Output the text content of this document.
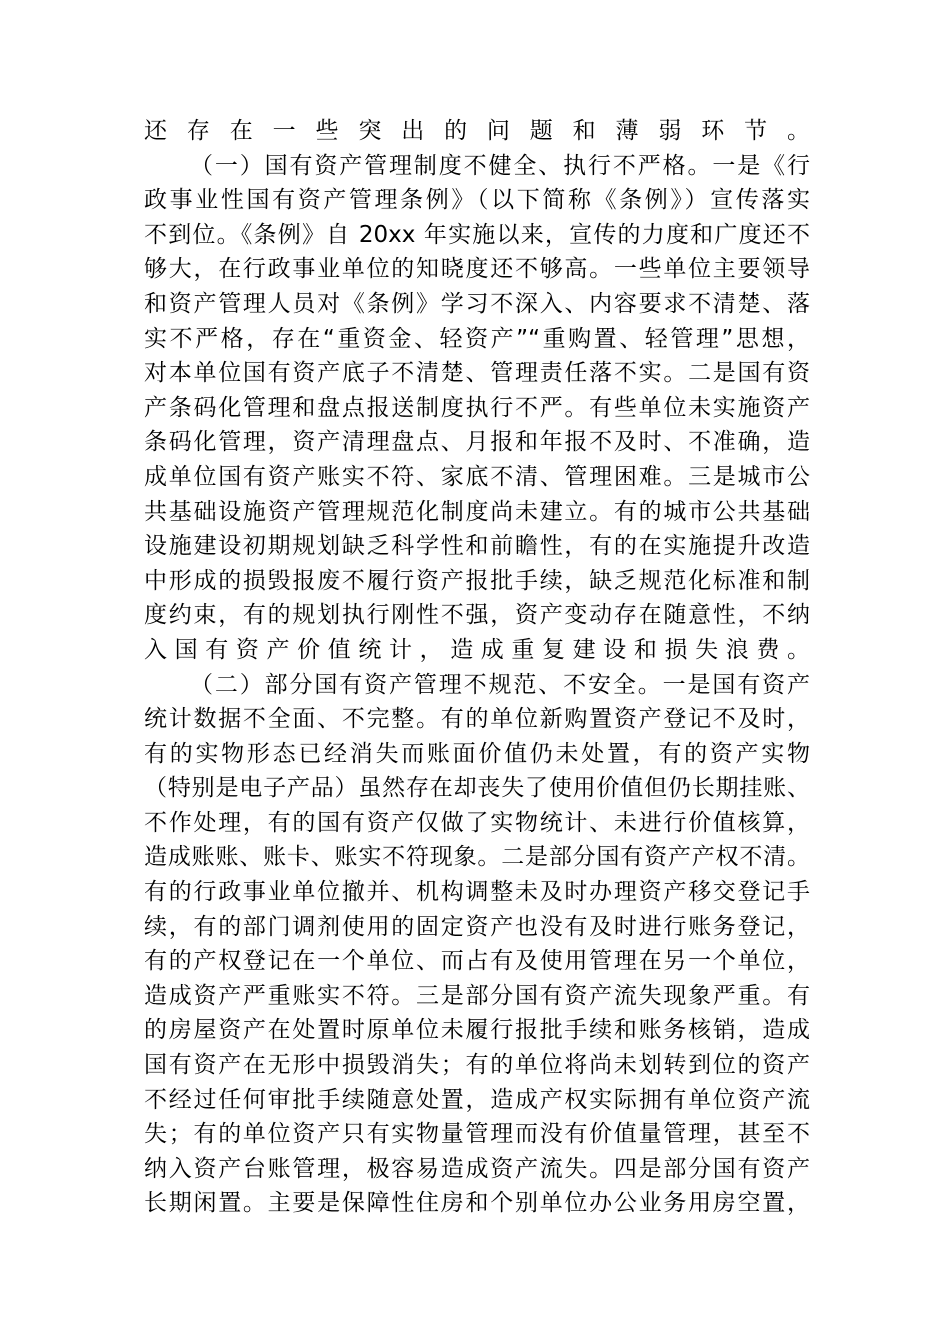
还存在一些突出的问题和薄弱环节。
（一）国有资产管理制度不健全、执行不严格。一是《行
政事业性国有资产管理条例》（以下简称《条例》）宣传落实
不到位。《条例》自 20xx 年实施以来，宣传的力度和广度还不
够大，在行政事业单位的知晓度还不够高。一些单位主要领导
和资产管理人员对《条例》学习不深入、内容要求不清楚、落
实不严格，存在“重资金、轻资产”“重购置、轻管理”思想，
对本单位国有资产底子不清楚、管理责任落不实。二是国有资
产条码化管理和盘点报送制度执行不严。有些单位未实施资产
条码化管理，资产清理盘点、月报和年报不及时、不准确，造
成单位国有资产账实不符、家底不清、管理困难。三是城市公
共基础设施资产管理规范化制度尚未建立。有的城市公共基础
设施建设初期规划缺乏科学性和前瞻性，有的在实施提升改造
中形成的损毁报废不履行资产报批手续，缺乏规范化标准和制
度约束，有的规划执行刚性不强，资产变动存在随意性，不纳
入国有资产价值统计，造成重复建设和损失浪费。
（二）部分国有资产管理不规范、不安全。一是国有资产
统计数据不全面、不完整。有的单位新购置资产登记不及时，
有的实物形态已经消失而账面价值仍未处置，有的资产实物
（特别是电子产品）虽然存在却丧失了使用价值但仍长期挂账、
不作处理，有的国有资产仅做了实物统计、未进行价值核算，
造成账账、账卡、账实不符现象。二是部分国有资产产权不清。
有的行政事业单位撤并、机构调整未及时办理资产移交登记手
续，有的部门调剂使用的固定资产也没有及时进行账务登记，
有的产权登记在一个单位、而占有及使用管理在另一个单位，
造成资产严重账实不符。三是部分国有资产流失现象严重。有
的房屋资产在处置时原单位未履行报批手续和账务核销，造成
国有资产在无形中损毁消失；有的单位将尚未划转到位的资产
不经过任何审批手续随意处置，造成产权实际拥有单位资产流
失；有的单位资产只有实物量管理而没有价值量管理，甚至不
纳入资产台账管理，极容易造成资产流失。四是部分国有资产
长期闲置。主要是保障性住房和个别单位办公业务用房空置，
